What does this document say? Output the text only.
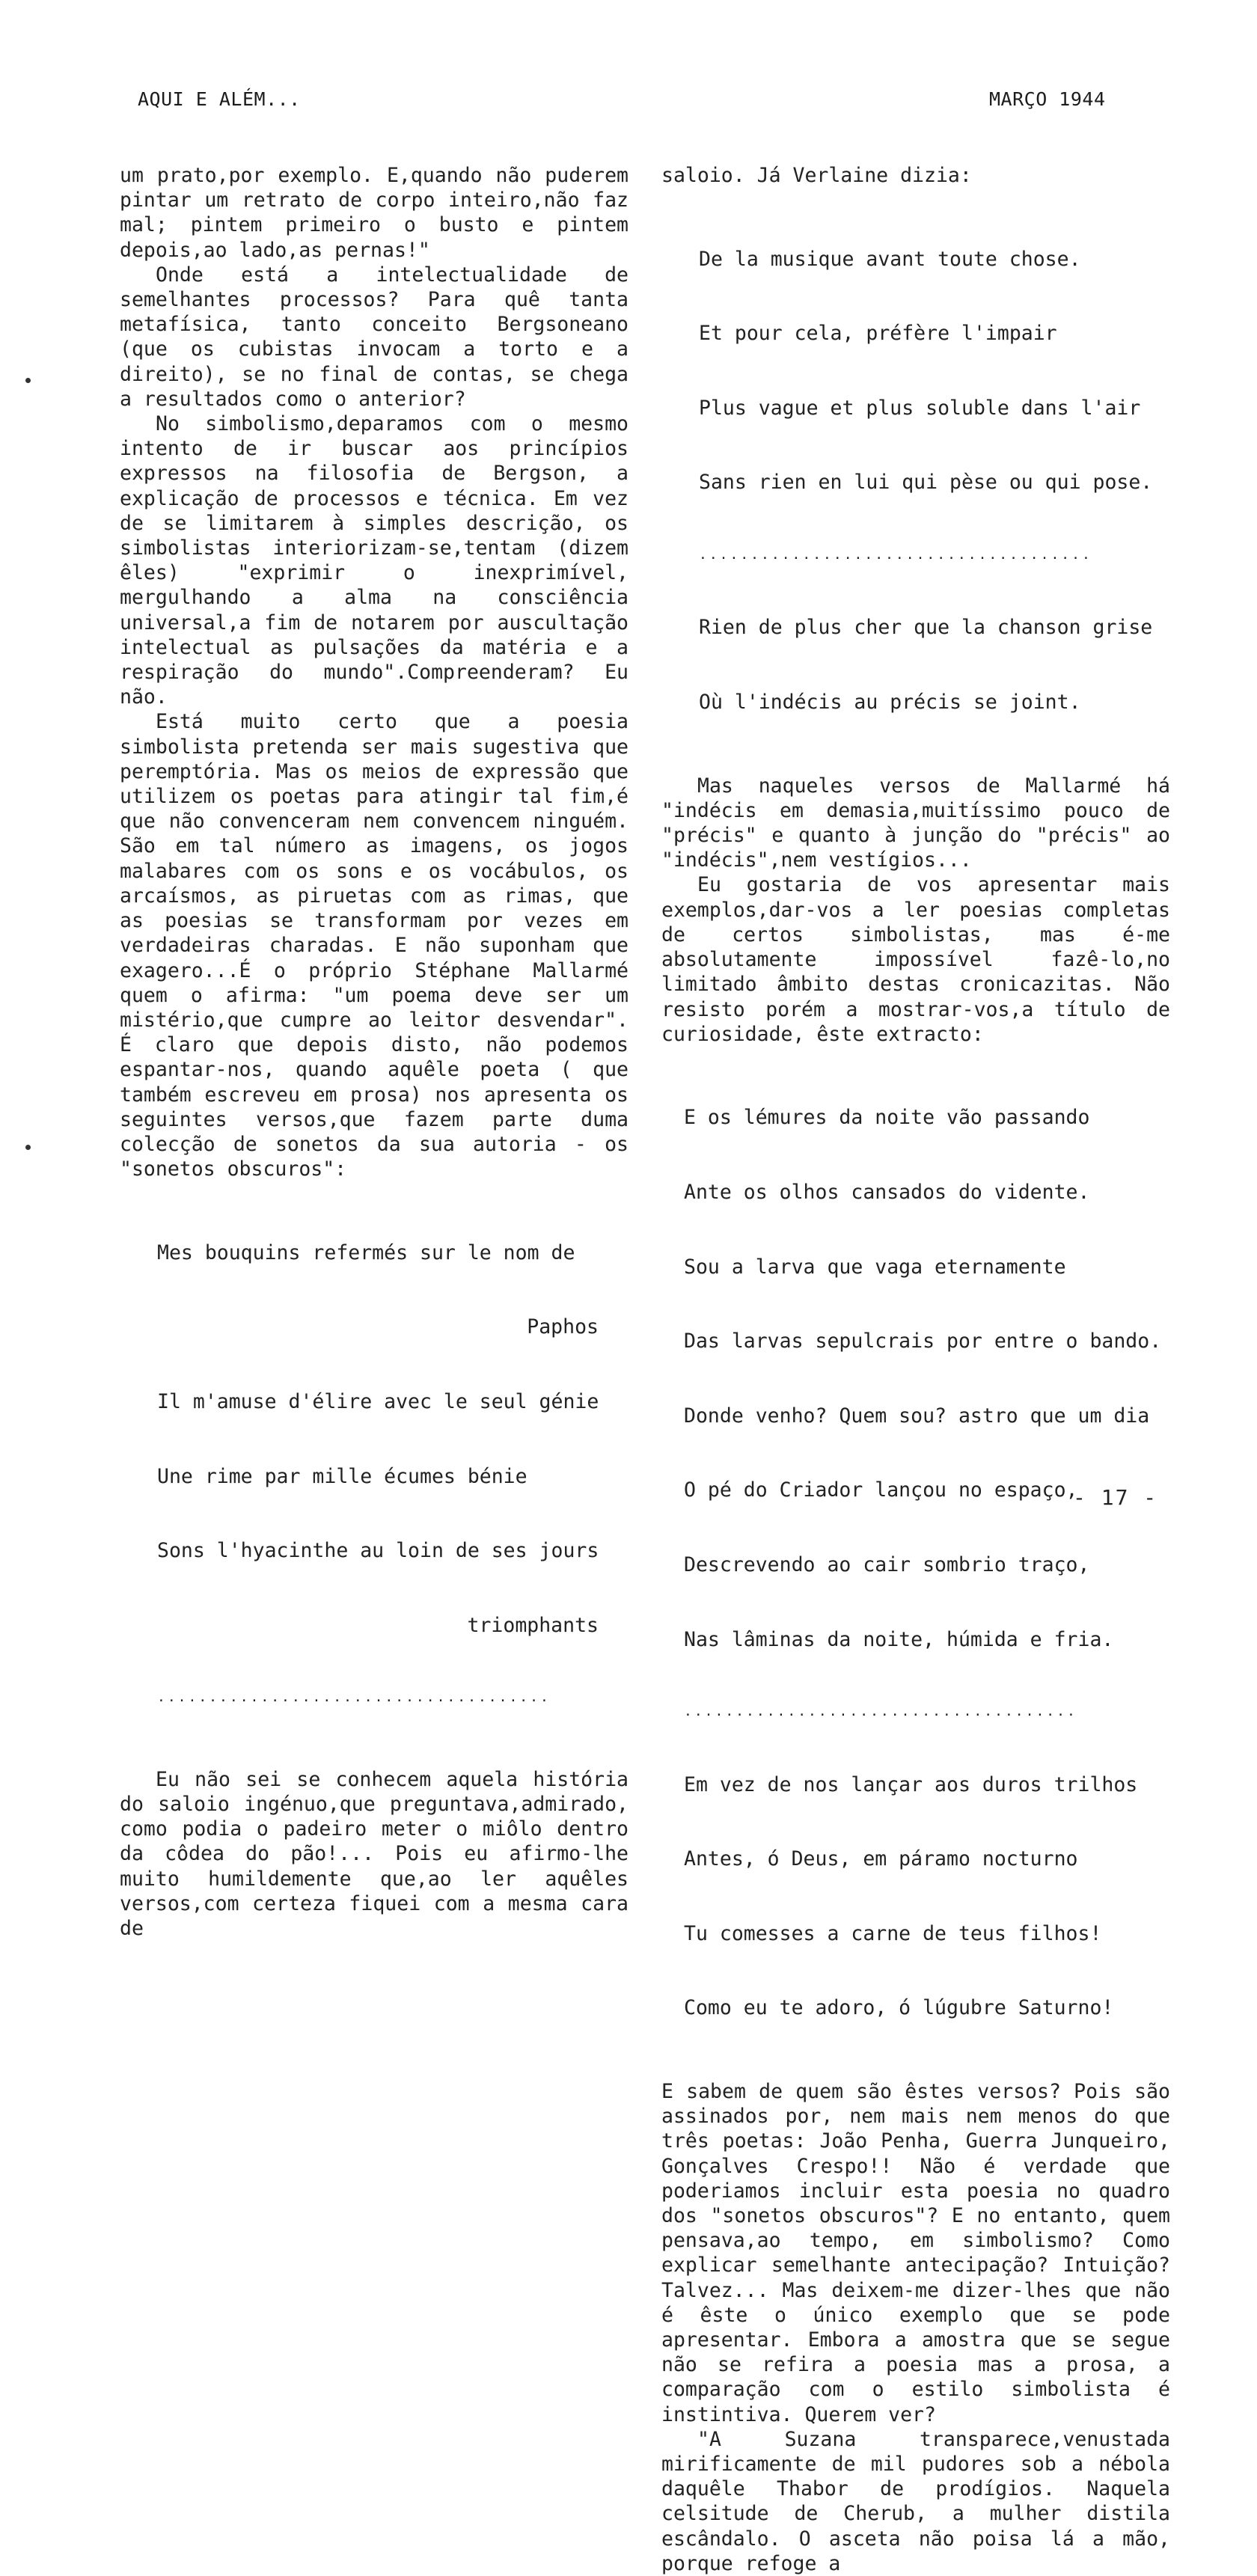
AQUI E ALÉM...	MARÇO 1944

um prato,por exemplo. E,quando não puderem pintar um retrato de corpo inteiro,não faz mal; pintem primeiro o busto e pintem depois,ao lado,as pernas!"

Onde está a intelectualidade de semelhantes processos? Para quê tanta metafísica, tanto conceito Bergsoneano (que os cubistas invocam a torto e a direito), se no final de contas, se chega a resultados como o anterior?

No simbolismo,deparamos com o mesmo intento de ir buscar aos princípios expressos na filosofia de Bergson, a explicação de processos e técnica. Em vez de se limitarem à simples descrição, os simbolistas interiorizam-se,tentam (dizem êles) "exprimir o inexprimível, mergulhando a alma na consciência universal,a fim de notarem por auscultação intelectual as pulsações da matéria e a respiração do mundo".Compreenderam? Eu não.

Está muito certo que a poesia simbolista pretenda ser mais sugestiva que peremptória. Mas os meios de expressão que utilizem os poetas para atingir tal fim,é que não convenceram nem convencem ninguém. São em tal número as imagens, os jogos malabares com os sons e os vocábulos, os arcaísmos, as piruetas com as rimas, que as poesias se transformam por vezes em verdadeiras charadas. E não suponham que exagero...É o próprio Stéphane Mallarmé quem o afirma: "um poema deve ser um mistério,que cumpre ao leitor desvendar". É claro que depois disto, não podemos espantar-nos, quando aquêle poeta ( que também escreveu em prosa) nos apresenta os seguintes versos,que fazem parte duma colecção de sonetos da sua autoria - os "sonetos obscuros":

Mes bouquins refermés sur le nom de

Paphos

Il m'amuse d'élire avec le seul génie

Une rime par mille écumes bénie

Sons l'hyacinthe au loin de ses jours

triomphants

......................................

Eu não sei se conhecem aquela história do saloio ingénuo,que preguntava,admirado, como podia o padeiro meter o miôlo dentro da côdea do pão!... Pois eu afirmo-lhe muito humildemente que,ao ler aquêles versos,com certeza fiquei com a mesma cara de

saloio. Já Verlaine dizia:

De la musique avant toute chose.

Et pour cela, préfère l'impair

Plus vague et plus soluble dans l'air

Sans rien en lui qui pèse ou qui pose.

......................................

Rien de plus cher que la chanson grise

Où l'indécis au précis se joint.

Mas naqueles versos de Mallarmé há "indécis em demasia,muitíssimo pouco de "précis" e quanto à junção do "précis" ao "indécis",nem vestígios...

Eu gostaria de vos apresentar mais exemplos,dar-vos a ler poesias completas de certos simbolistas, mas é-me absolutamente impossível fazê-lo,no limitado âmbito destas cronicazitas. Não resisto porém a mostrar-vos,a título de curiosidade, êste extracto:

E os lémures da noite vão passando

Ante os olhos cansados do vidente.

Sou a larva que vaga eternamente

Das larvas sepulcrais por entre o bando.

Donde venho? Quem sou? astro que um dia

O pé do Criador lançou no espaço,

Descrevendo ao cair sombrio traço,

Nas lâminas da noite, húmida e fria.

......................................

Em vez de nos lançar aos duros trilhos

Antes, ó Deus, em páramo nocturno

Tu comesses a carne de teus filhos!

Como eu te adoro, ó lúgubre Saturno!

E sabem de quem são êstes versos? Pois são assinados por, nem mais nem menos do que três poetas: João Penha, Guerra Junqueiro, Gonçalves Crespo!! Não é verdade que poderiamos incluir esta poesia no quadro dos "sonetos obscuros"? E no entanto, quem pensava,ao tempo, em simbolismo? Como explicar semelhante antecipação? Intuição? Talvez... Mas deixem-me dizer-lhes que não é êste o único exemplo que se pode apresentar. Embora a amostra que se segue não se refira a poesia mas a prosa, a comparação com o estilo simbolista é instintiva. Querem ver?

"A Suzana transparece,venustada mirificamente de mil pudores sob a nébola daquêle Thabor de prodígios. Naquela celsitude de Cherub, a mulher distila escândalo. O asceta não poisa lá a mão, porque refoge a

- 17 -
